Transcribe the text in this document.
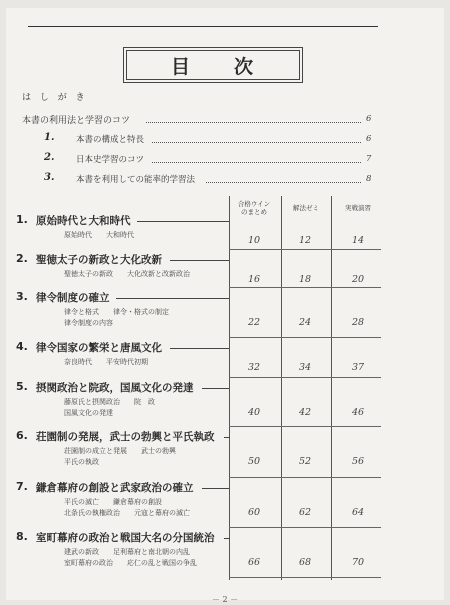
目　　次
は し が き
本書の利用法と学習のコツ	6
1.	本書の構成と特長	6
2.	日本史学習のコツ	7
3.	本書を利用しての能率的学習法	8
合格ウイン
のまとめ	解法ゼミ	実戦演習
1. 原始時代と大和時代
原始時代　　大和時代	10	12	14
2. 聖徳太子の新政と大化改新
聖徳太子の新政　　大化改新と改新政治	16	18	20
3. 律令制度の確立
律令と格式　　律令・格式の制定
律令制度の内容	22	24	28
4. 律令国家の繁栄と唐風文化
奈良時代　　平安時代初期	32	34	37
5. 摂関政治と院政，国風文化の発達
藤原氏と摂関政治　　院　政
国風文化の発達	40	42	46
6. 荘園制の発展，武士の勃興と平氏執政
荘園制の成立と発展　　武士の勃興
平氏の執政	50	52	56
7. 鎌倉幕府の創設と武家政治の確立
平氏の滅亡　　鎌倉幕府の創設
北条氏の執権政治　　元寇と幕府の滅亡	60	62	64
8. 室町幕府の政治と戦国大名の分国統治
建武の新政　　足利幕府と南北朝の内乱
室町幕府の政治　　応仁の乱と戦国の争乱	66	68	70
－ 2 －
